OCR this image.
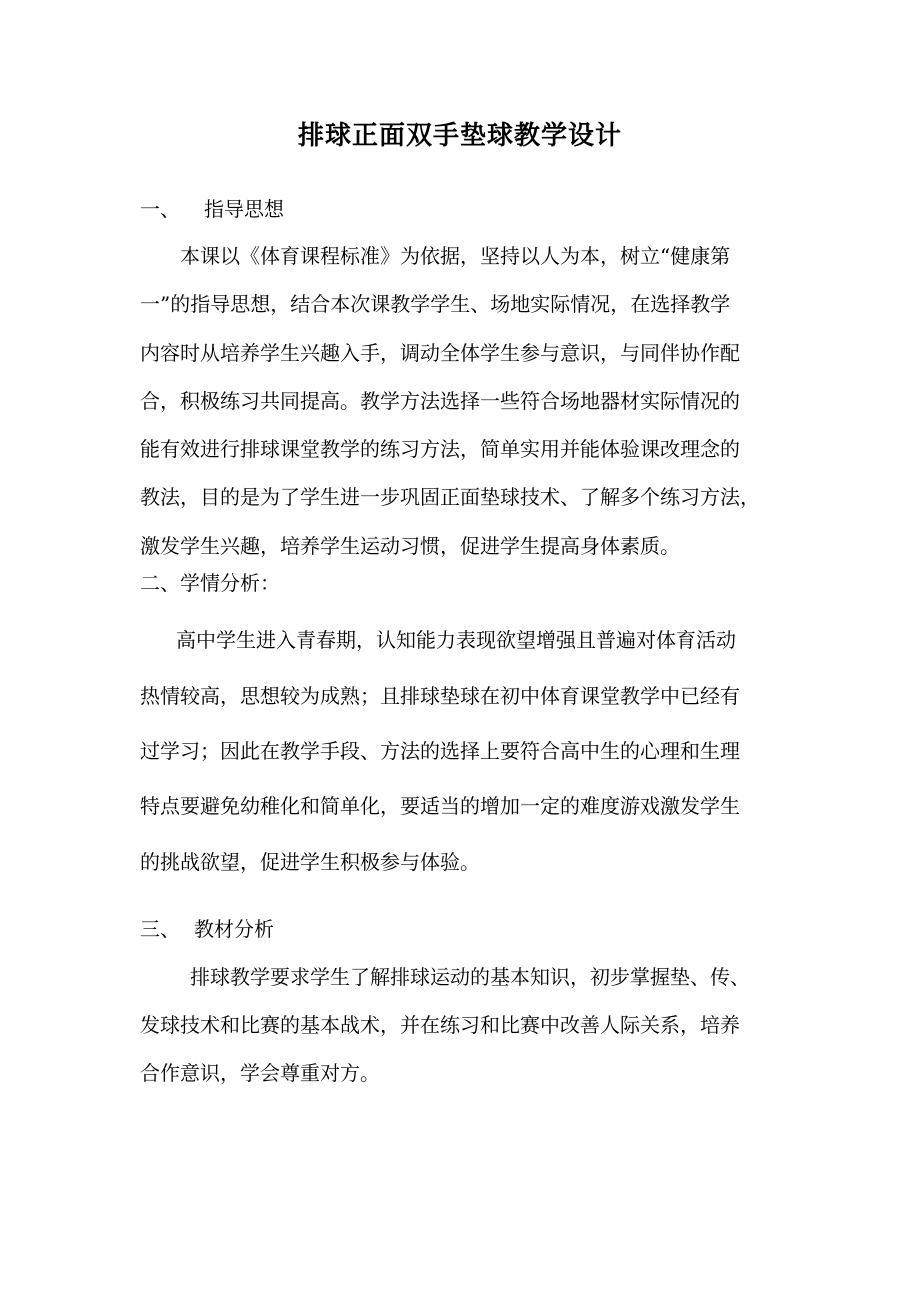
排球正面双手垫球教学设计
一、 指导思想
本课以《体育课程标准》为依据，坚持以人为本，树立“健康第
一”的指导思想，结合本次课教学学生、场地实际情况，在选择教学
内容时从培养学生兴趣入手，调动全体学生参与意识，与同伴协作配
合，积极练习共同提高。教学方法选择一些符合场地器材实际情况的
能有效进行排球课堂教学的练习方法，简单实用并能体验课改理念的
教法，目的是为了学生进一步巩固正面垫球技术、了解多个练习方法，
激发学生兴趣，培养学生运动习惯，促进学生提高身体素质。
二、学情分析：
高中学生进入青春期，认知能力表现欲望增强且普遍对体育活动
热情较高，思想较为成熟；且排球垫球在初中体育课堂教学中已经有
过学习；因此在教学手段、方法的选择上要符合高中生的心理和生理
特点要避免幼稚化和简单化，要适当的增加一定的难度游戏激发学生
的挑战欲望，促进学生积极参与体验。
三、 教材分析
排球教学要求学生了解排球运动的基本知识，初步掌握垫、传、
发球技术和比赛的基本战术，并在练习和比赛中改善人际关系，培养
合作意识，学会尊重对方。
